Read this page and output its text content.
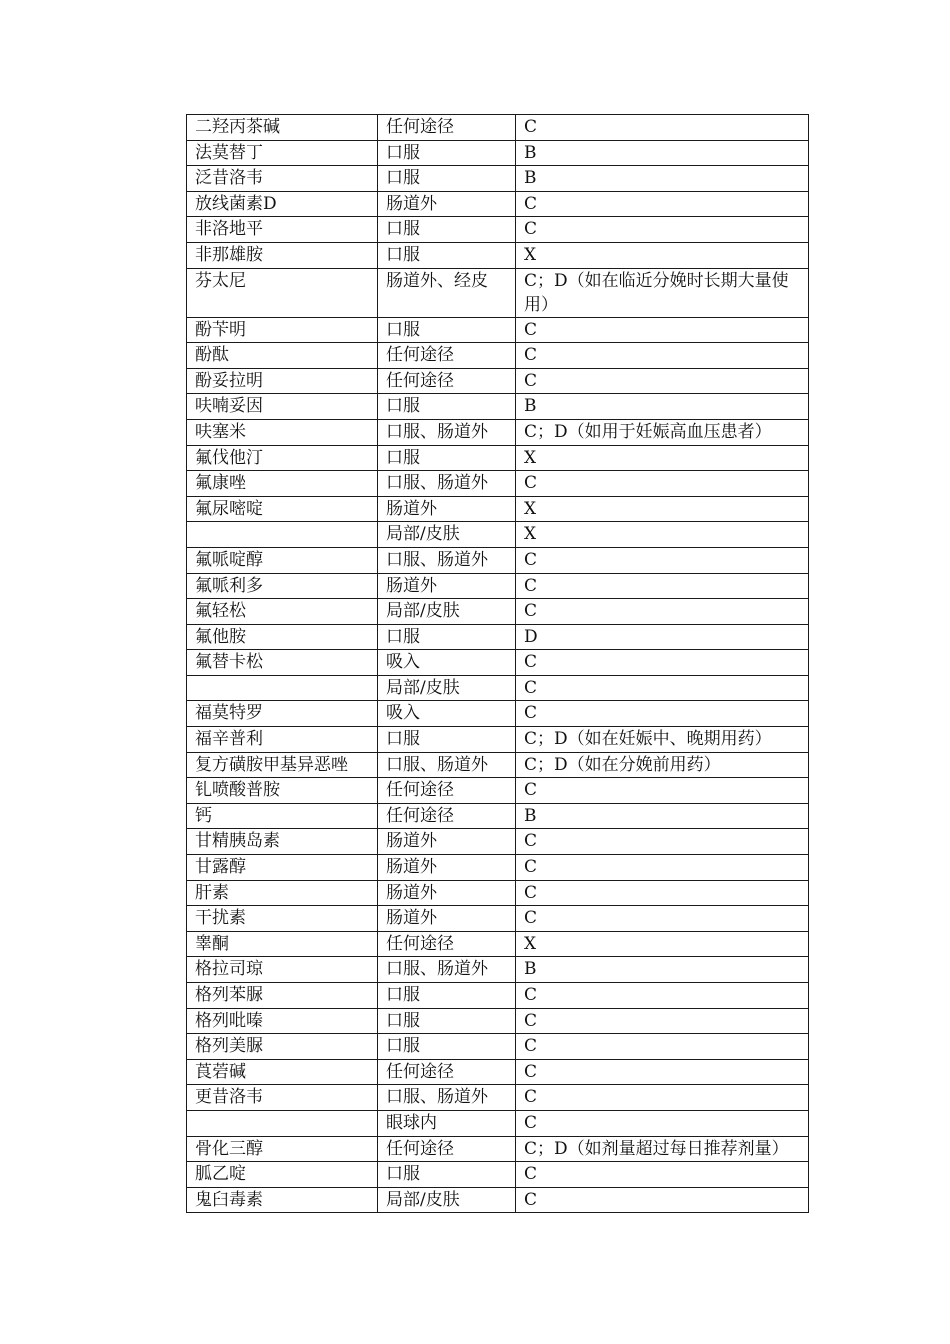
二羟丙茶碱	任何途径	C
法莫替丁	口服	B
泛昔洛韦	口服	B
放线菌素D	肠道外	C
非洛地平	口服	C
非那雄胺	口服	X
芬太尼	肠道外、经皮	C；D（如在临近分娩时长期大量使用）
酚苄明	口服	C
酚酞	任何途径	C
酚妥拉明	任何途径	C
呋喃妥因	口服	B
呋塞米	口服、肠道外	C；D（如用于妊娠高血压患者）
氟伐他汀	口服	X
氟康唑	口服、肠道外	C
氟尿嘧啶	肠道外	X
	局部/皮肤	X
氟哌啶醇	口服、肠道外	C
氟哌利多	肠道外	C
氟轻松	局部/皮肤	C
氟他胺	口服	D
氟替卡松	吸入	C
	局部/皮肤	C
福莫特罗	吸入	C
福辛普利	口服	C；D（如在妊娠中、晚期用药）
复方磺胺甲基异恶唑	口服、肠道外	C；D（如在分娩前用药）
钆喷酸普胺	任何途径	C
钙	任何途径	B
甘精胰岛素	肠道外	C
甘露醇	肠道外	C
肝素	肠道外	C
干扰素	肠道外	C
睾酮	任何途径	X
格拉司琼	口服、肠道外	B
格列苯脲	口服	C
格列吡嗪	口服	C
格列美脲	口服	C
莨菪碱	任何途径	C
更昔洛韦	口服、肠道外	C
	眼球内	C
骨化三醇	任何途径	C；D（如剂量超过每日推荐剂量）
胍乙啶	口服	C
鬼臼毒素	局部/皮肤	C
